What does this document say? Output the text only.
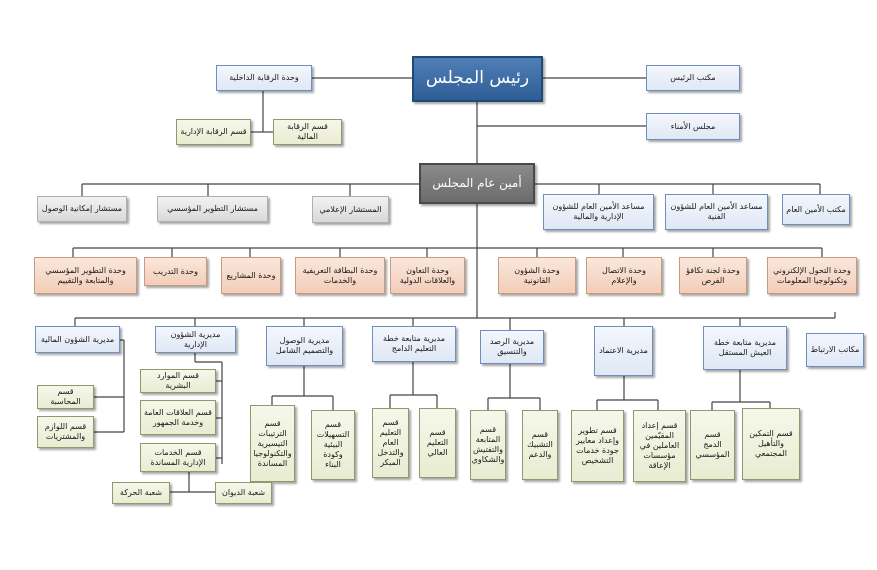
رئيس المجلس	مكتب الرئيس
مجلس الأمناء
وحدة الرقابة الداخلية
قسم الرقابة المالية
قسم الرقابة الإدارية
أمين عام المجلس
مكتب الأمين العام
مساعد الأمين العام للشؤون الفنية
مساعد الأمين العام للشؤون الإدارية والمالية
المستشار الإعلامي
مستشار التطوير المؤسسي
مستشار إمكانية الوصول
وحدة التحول الإلكتروني وتكنولوجيا المعلومات
وحدة لجنة تكافؤ الفرص
وحدة الاتصال والإعلام
وحدة الشؤون القانونية
وحدة التعاون والعلاقات الدولية
وحدة البطاقة التعريفية والخدمات
وحدة المشاريع
وحدة التدريب
وحدة التطوير المؤسسي والمتابعة والتقييم
مكاتب الارتباط
مديرية متابعة خطة العيش المستقل
مديرية الاعتماد
مديرية الرصد والتنسيق
مديرية متابعة خطة التعليم الدامج
مديرية الوصول والتصميم الشامل
مديرية الشؤون الإدارية
مديرية الشؤون المالية
قسم التمكين والتأهيل المجتمعي
قسم الدمج المؤسسي
قسم إعداد المقيّمين العاملين في مؤسسات الإعاقة
قسم تطوير وإعداد معايير جودة خدمات التشخيص
قسم التشبيك والدعم
قسم المتابعة والتفتيش والشكاوي
قسم التعليم العالي
قسم التعليم العام والتدخل المبكر
قسم التسهيلات البيئية وكودة البناء
قسم الترتيبات التيسيرية والتكنولوجيا المساندة
قسم الموارد البشرية
قسم العلاقات العامة وخدمة الجمهور
قسم الخدمات الإدارية المساندة
شعبة الديوان
شعبة الحركة
قسم المحاسبة
قسم اللوازم والمشتريات
